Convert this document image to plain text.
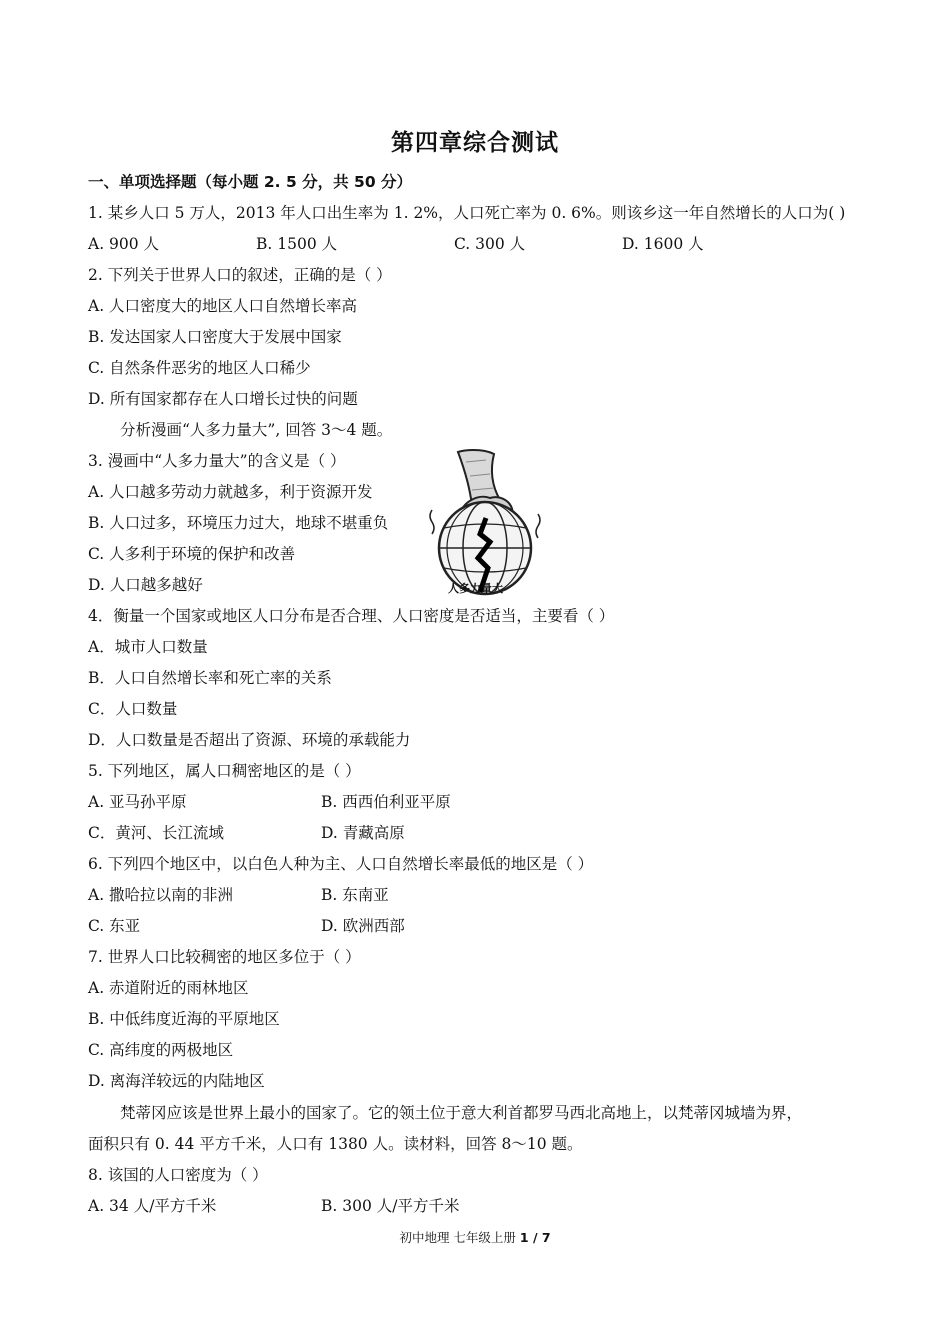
第四章综合测试
一、单项选择题（每小题 2. 5 分，共 50 分）
1. 某乡人口 5 万人，2013 年人口出生率为 1. 2%，人口死亡率为 0. 6%。则该乡这一年自然增长的人口为( )
A. 900 人	B. 1500 人	C. 300 人	D. 1600 人
2. 下列关于世界人口的叙述，正确的是（ ）
A. 人口密度大的地区人口自然增长率高
B. 发达国家人口密度大于发展中国家
C. 自然条件恶劣的地区人口稀少
D. 所有国家都存在人口增长过快的问题
分析漫画“人多力量大”, 回答 3～4 题。
3. 漫画中“人多力量大”的含义是（ ）
A. 人口越多劳动力就越多，利于资源开发
B. 人口过多，环境压力过大，地球不堪重负
C. 人多利于环境的保护和改善
D. 人口越多越好	人多力量大
4．衡量一个国家或地区人口分布是否合理、人口密度是否适当，主要看（ ）
A．城市人口数量
B．人口自然增长率和死亡率的关系
C．人口数量
D．人口数量是否超出了资源、环境的承载能力
5. 下列地区，属人口稠密地区的是（ ）
A. 亚马孙平原	B. 西西伯利亚平原
C．黄河、长江流域	D. 青藏高原
6. 下列四个地区中，以白色人种为主、人口自然增长率最低的地区是（ ）
A. 撒哈拉以南的非洲	B. 东南亚
C. 东亚	D. 欧洲西部
7. 世界人口比较稠密的地区多位于（ ）
A. 赤道附近的雨林地区
B. 中低纬度近海的平原地区
C. 高纬度的两极地区
D. 离海洋较远的内陆地区
梵蒂冈应该是世界上最小的国家了。它的领土位于意大利首都罗马西北高地上，以梵蒂冈城墙为界，
面积只有 0. 44 平方千米，人口有 1380 人。读材料，回答 8～10 题。
8. 该国的人口密度为（ ）
A. 34 人/平方千米	B. 300 人/平方千米
初中地理 七年级上册 1 / 7
